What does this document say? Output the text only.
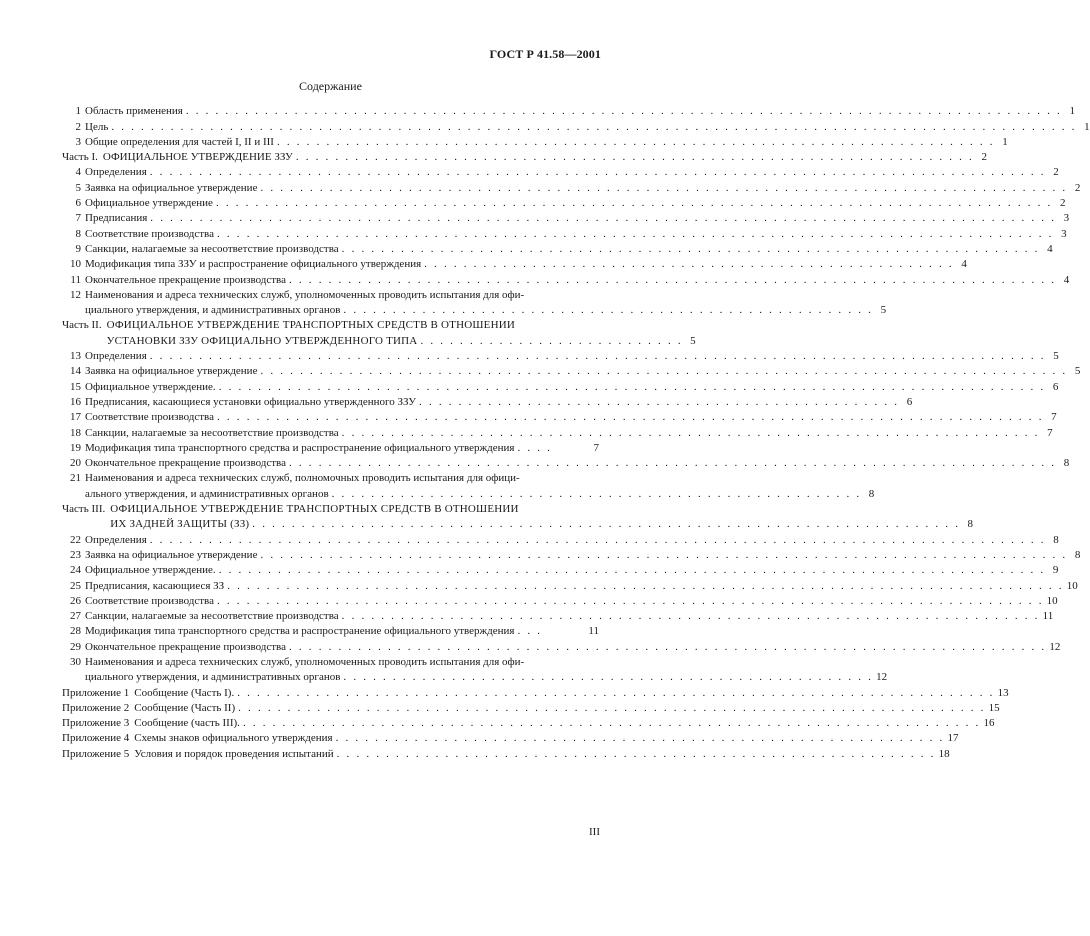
ГОСТ Р 41.58—2001
Содержание
1 Область применения . . . . . . . . . . . . . . . . . . . . . . . . . . . . . . . . . . . . . . . . . . . . . . . . . . . . . . . . . . . . . . . . . . . . . . . . . . . . . . . . . . . . . . . . . 1
2 Цель . . . . . . . . . . . . . . . . . . . . . . . . . . . . . . . . . . . . . . . . . . . . . . . . . . . . . . . . . . . . . . . . . . . . . . . . . . . . . . . . . . . . . . . . . . . . . . . . . . 1
3 Общие определения для частей I, II и III . . . . . . . . . . . . . . . . . . . . . . . . . . . . . . . . . . . . . . . . . . . . . . . . . . . . . . . . . . . . . . . . . . . . . . . . . 1
Часть I. ОФИЦИАЛЬНОЕ УТВЕРЖДЕНИЕ ЗЗУ . . . . . . . . . . . . . . . . . . . . . . . . . . . . . . . . . . . . . . . . . . . . . . . . . . . . . . . . . . . . . . . . . . . . . 2
4 Определения . . . . . . . . . . . . . . . . . . . . . . . . . . . . . . . . . . . . . . . . . . . . . . . . . . . . . . . . . . . . . . . . . . . . . . . . . . . . . . . . . . . . . . . . . . . 2
5 Заявка на официальное утверждение . . . . . . . . . . . . . . . . . . . . . . . . . . . . . . . . . . . . . . . . . . . . . . . . . . . . . . . . . . . . . . . . . . . . . . . . . . . . . . . . . . 2
6 Официальное утверждение . . . . . . . . . . . . . . . . . . . . . . . . . . . . . . . . . . . . . . . . . . . . . . . . . . . . . . . . . . . . . . . . . . . . . . . . . . . . . . . . . . . . . 2
7 Предписания . . . . . . . . . . . . . . . . . . . . . . . . . . . . . . . . . . . . . . . . . . . . . . . . . . . . . . . . . . . . . . . . . . . . . . . . . . . . . . . . . . . . . . . . . . . . 3
8 Соответствие производства . . . . . . . . . . . . . . . . . . . . . . . . . . . . . . . . . . . . . . . . . . . . . . . . . . . . . . . . . . . . . . . . . . . . . . . . . . . . . . . . . . . . . 3
9 Санкции, налагаемые за несоответствие производства . . . . . . . . . . . . . . . . . . . . . . . . . . . . . . . . . . . . . . . . . . . . . . . . . . . . . . . . . . . . . . . . . . . . . . . 4
10 Модификация типа ЗЗУ и распространение официального утверждения . . . . . . . . . . . . . . . . . . . . . . . . . . . . . . . . . . . . . . . . . . . . . . . . . . . . . . 4
11 Окончательное прекращение производства . . . . . . . . . . . . . . . . . . . . . . . . . . . . . . . . . . . . . . . . . . . . . . . . . . . . . . . . . . . . . . . . . . . . . . . . . . . . . . 4
12 Наименования и адреса технических служб, уполномоченных проводить испытания для офи-
циального утверждения, и административных органов . . . . . . . . . . . . . . . . . . . . . . . . . . . . . . . . . . . . . . . . . . . . . . . . . . . . . . 5
Часть II. ОФИЦИАЛЬНОЕ УТВЕРЖДЕНИЕ ТРАНСПОРТНЫХ СРЕДСТВ В ОТНОШЕНИИ
УСТАНОВКИ ЗЗУ ОФИЦИАЛЬНО УТВЕРЖДЕННОГО ТИПА . . . . . . . . . . . . . . . . . . . . . . . . . . . 5
13 Определения . . . . . . . . . . . . . . . . . . . . . . . . . . . . . . . . . . . . . . . . . . . . . . . . . . . . . . . . . . . . . . . . . . . . . . . . . . . . . . . . . . . . . . . . . . . 5
14 Заявка на официальное утверждение . . . . . . . . . . . . . . . . . . . . . . . . . . . . . . . . . . . . . . . . . . . . . . . . . . . . . . . . . . . . . . . . . . . . . . . . . . . . . . . . . . 5
15 Официальное утверждение. . . . . . . . . . . . . . . . . . . . . . . . . . . . . . . . . . . . . . . . . . . . . . . . . . . . . . . . . . . . . . . . . . . . . . . . . . . . . . . . . . . . . 6
16 Предписания, касающиеся установки официально утвержденного ЗЗУ . . . . . . . . . . . . . . . . . . . . . . . . . . . . . . . . . . . . . . . . . . . . . . . . . 6
17 Соответствие производства . . . . . . . . . . . . . . . . . . . . . . . . . . . . . . . . . . . . . . . . . . . . . . . . . . . . . . . . . . . . . . . . . . . . . . . . . . . . . . . . . . . . 7
18 Санкции, налагаемые за несоответствие производства . . . . . . . . . . . . . . . . . . . . . . . . . . . . . . . . . . . . . . . . . . . . . . . . . . . . . . . . . . . . . . . . . . . . . . . 7
19 Модификация типа транспортного средства и распространение официального утверждения . . . .	7
20 Окончательное прекращение производства . . . . . . . . . . . . . . . . . . . . . . . . . . . . . . . . . . . . . . . . . . . . . . . . . . . . . . . . . . . . . . . . . . . . . . . . . . . . . . 8
21 Наименования и адреса технических служб, полномочных проводить испытания для офици-
ального утверждения, и административных органов . . . . . . . . . . . . . . . . . . . . . . . . . . . . . . . . . . . . . . . . . . . . . . . . . . . . . . 8
Часть III. ОФИЦИАЛЬНОЕ УТВЕРЖДЕНИЕ ТРАНСПОРТНЫХ СРЕДСТВ В ОТНОШЕНИИ
ИХ ЗАДНЕЙ ЗАЩИТЫ (ЗЗ) . . . . . . . . . . . . . . . . . . . . . . . . . . . . . . . . . . . . . . . . . . . . . . . . . . . . . . . . . . . . . . . . . . . . . . . . 8
22 Определения . . . . . . . . . . . . . . . . . . . . . . . . . . . . . . . . . . . . . . . . . . . . . . . . . . . . . . . . . . . . . . . . . . . . . . . . . . . . . . . . . . . . . . . . . . . 8
23 Заявка на официальное утверждение . . . . . . . . . . . . . . . . . . . . . . . . . . . . . . . . . . . . . . . . . . . . . . . . . . . . . . . . . . . . . . . . . . . . . . . . . . . . . . . . . . 8
24 Официальное утверждение. . . . . . . . . . . . . . . . . . . . . . . . . . . . . . . . . . . . . . . . . . . . . . . . . . . . . . . . . . . . . . . . . . . . . . . . . . . . . . . . . . . . . 9
25 Предписания, касающиеся ЗЗ . . . . . . . . . . . . . . . . . . . . . . . . . . . . . . . . . . . . . . . . . . . . . . . . . . . . . . . . . . . . . . . . . . . . . . . . . . . . . . . . . . . . . 10
26 Соответствие производства . . . . . . . . . . . . . . . . . . . . . . . . . . . . . . . . . . . . . . . . . . . . . . . . . . . . . . . . . . . . . . . . . . . . . . . . . . . . . . . . . . . . 10
27 Санкции, налагаемые за несоответствие производства . . . . . . . . . . . . . . . . . . . . . . . . . . . . . . . . . . . . . . . . . . . . . . . . . . . . . . . . . . . . . . . . . . . . . . . 11
28 Модификация типа транспортного средства и распространение официального утверждения . . .	11
29 Окончательное прекращение производства . . . . . . . . . . . . . . . . . . . . . . . . . . . . . . . . . . . . . . . . . . . . . . . . . . . . . . . . . . . . . . . . . . . . . . . . . . . . . 12
30 Наименования и адреса технических служб, уполномоченных проводить испытания для офи-
циального утверждения, и административных органов . . . . . . . . . . . . . . . . . . . . . . . . . . . . . . . . . . . . . . . . . . . . . . . . . . . . . . 12
Приложение 1 Сообщение (Часть I). . . . . . . . . . . . . . . . . . . . . . . . . . . . . . . . . . . . . . . . . . . . . . . . . . . . . . . . . . . . . . . . . . . . . . . . . . . . . . 13
Приложение 2 Сообщение (Часть II) . . . . . . . . . . . . . . . . . . . . . . . . . . . . . . . . . . . . . . . . . . . . . . . . . . . . . . . . . . . . . . . . . . . . . . . . . . . . 15
Приложение 3 Сообщение (часть III). . . . . . . . . . . . . . . . . . . . . . . . . . . . . . . . . . . . . . . . . . . . . . . . . . . . . . . . . . . . . . . . . . . . . . . . . . . . 16
Приложение 4 Схемы знаков официального утверждения . . . . . . . . . . . . . . . . . . . . . . . . . . . . . . . . . . . . . . . . . . . . . . . . . . . . . . . . . . . . . . 17
Приложение 5 Условия и порядок проведения испытаний . . . . . . . . . . . . . . . . . . . . . . . . . . . . . . . . . . . . . . . . . . . . . . . . . . . . . . . . . . . . . 18
III
